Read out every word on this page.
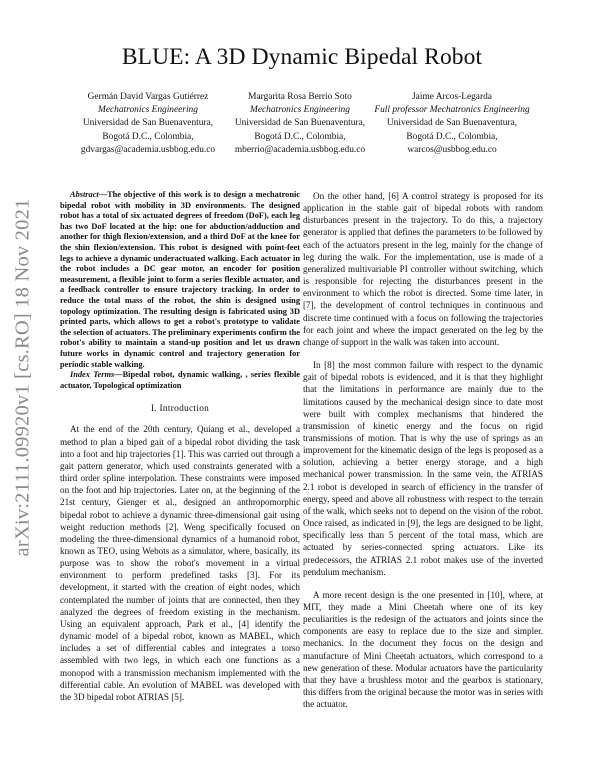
arXiv:2111.09920v1 [cs.RO] 18 Nov 2021
BLUE: A 3D Dynamic Bipedal Robot
Germán David Vargas Gutiérrez
Mechatronics Engineering
Universidad de San Buenaventura,
Bogotá D.C., Colombia,
gdvargas@academia.usbbog.edu.co
Margarita Rosa Berrio Soto
Mechatronics Engineering
Universidad de San Buenaventura,
Bogotá D.C., Colombia,
mberrio@academia.usbbog.edu.co
Jaime Arcos-Legarda
Full professor Mechatronics Engineering
Universidad de San Buenaventura,
Bogotá D.C., Colombia,
warcos@usbbog.edu.co

Abstract—The objective of this work is to design a mechatronic bipedal robot with mobility in 3D environments. The designed robot has a total of six actuated degrees of freedom (DoF), each leg has two DoF located at the hip: one for abduction/adduction and another for thigh flexion/extension, and a third DoF at the knee for the shin flexion/extension. This robot is designed with point-feet legs to achieve a dynamic underactuated walking. Each actuator in the robot includes a DC gear motor, an encoder for position measurement, a flexible joint to form a series flexible actuator, and a feedback controller to ensure trajectory tracking. In order to reduce the total mass of the robot, the shin is designed using topology optimization. The resulting design is fabricated using 3D printed parts, which allows to get a robot's prototype to validate the selection of actuators. The preliminary experiments confirm the robot's ability to maintain a stand-up position and let us drawn future works in dynamic control and trajectory generation for periodic stable walking.

Index Terms—Bipedal robot, dynamic walking, , series flexible actuator, Topological optimization

I. Introduction

At the end of the 20th century, Quiang et al., developed a method to plan a biped gait of a bipedal robot dividing the task into a foot and hip trajectories [1]. This was carried out through a gait pattern generator, which used constraints generated with a third order spline interpolation. These constraints were imposed on the foot and hip trajectories. Later on, at the beginning of the 21st century, Gienger et al., designed an anthropomorphic bipedal robot to achieve a dynamic three-dimensional gait using weight reduction methods [2]. Weng specifically focused on modeling the three-dimensional dynamics of a humanoid robot, known as TEO, using Webots as a simulator, where, basically, its purpose was to show the robot's movement in a virtual environment to perform predefined tasks [3]. For its development, it started with the creation of eight nodes, which contemplated the number of joints that are connected, then they analyzed the degrees of freedom existing in the mechanism. Using an equivalent approach, Park et al., [4] identify the dynamic model of a bipedal robot, known as MABEL, which includes a set of differential cables and integrates a torso assembled with two legs, in which each one functions as a monopod with a transmission mechanism implemented with the differential cable. An evolution of MABEL was developed with the 3D bipedal robot ATRIAS [5].

On the other hand, [6] A control strategy is proposed for its application in the stable gait of bipedal robots with random disturbances present in the trajectory. To do this, a trajectory generator is applied that defines the parameters to be followed by each of the actuators present in the leg, mainly for the change of leg during the walk. For the implementation, use is made of a generalized multivariable PI controller without switching, which is responsible for rejecting the disturbances present in the environment to which the robot is directed. Some time later, in [7], the development of control techniques in continuous and discrete time continued with a focus on following the trajectories for each joint and where the impact generated on the leg by the change of support in the walk was taken into account.

In [8] the most common failure with respect to the dynamic gait of bipedal robots is evidenced, and it is that they highlight that the limitations in performance are mainly due to the limitations caused by the mechanical design since to date most were built with complex mechanisms that hindered the transmission of kinetic energy and the focus on rigid transmissions of motion. That is why the use of springs as an improvement for the kinematic design of the legs is proposed as a solution, achieving a better energy storage, and a high mechanical power transmission. In the same vein, the ATRIAS 2.1 robot is developed in search of efficiency in the transfer of energy, speed and above all robustness with respect to the terrain of the walk, which seeks not to depend on the vision of the robot. Once raised, as indicated in [9], the legs are designed to be light, specifically less than 5 percent of the total mass, which are actuated by series-connected spring actuators. Like its predecessors, the ATRIAS 2.1 robot makes use of the inverted pendulum mechanism.

A more recent design is the one presented in [10], where, at MIT, they made a Mini Cheetah where one of its key peculiarities is the redesign of the actuators and joints since the components are easy to replace due to the size and simpler. mechanics. In the document they focus on the design and manufacture of Mini Cheetah actuators, which correspond to a new generation of these. Modular actuators have the particularity that they have a brushless motor and the gearbox is stationary, this differs from the original because the motor was in series with the actuator.
